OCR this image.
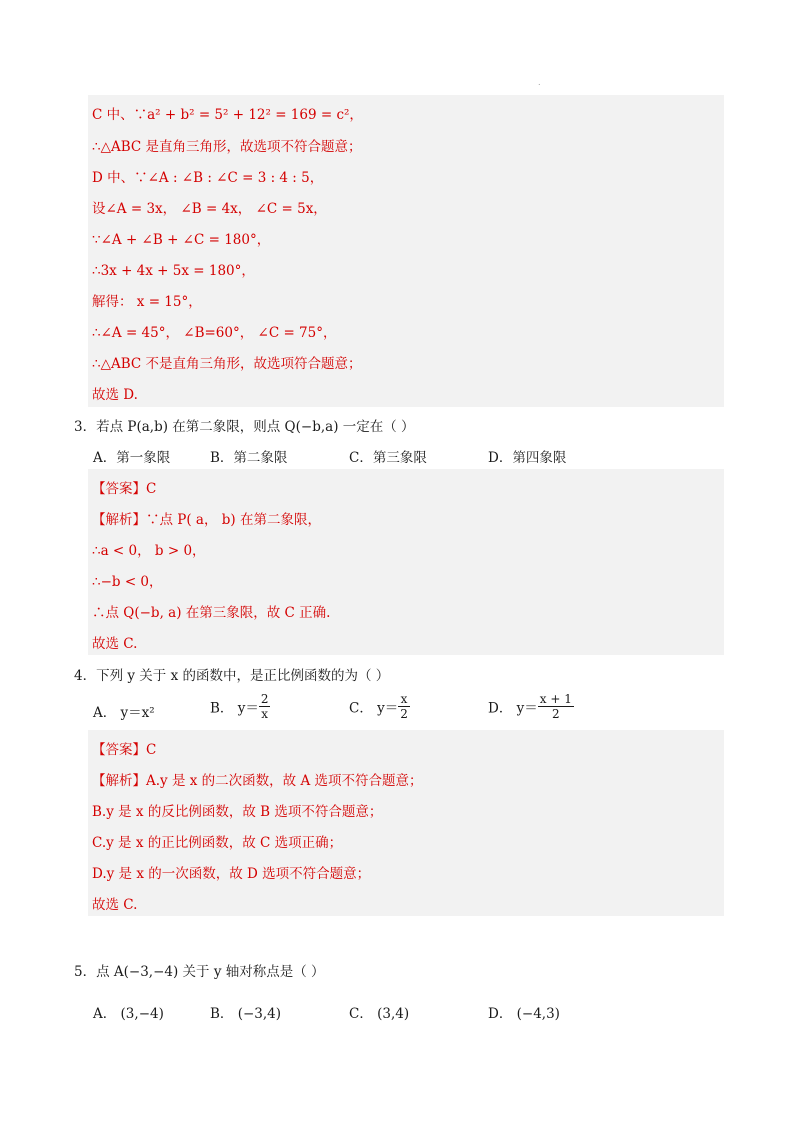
.
C 中、∵a² + b² = 5² + 12² = 169 = c²，
∴△ABC 是直角三角形，故选项不符合题意；
D 中、∵∠A : ∠B : ∠C = 3 : 4 : 5，
设∠A = 3x， ∠B = 4x， ∠C = 5x，
∵∠A + ∠B + ∠C = 180°，
∴3x + 4x + 5x = 180°，
解得： x = 15°，
∴∠A = 45°， ∠B=60°， ∠C = 75°，
∴△ABC 不是直角三角形，故选项符合题意；
故选 D.
3．若点 P(a,b) 在第二象限，则点 Q(−b,a) 一定在（ ）
A．第一象限	B．第二象限	C．第三象限	D．第四象限
【答案】C
【解析】∵点 P( a， b) 在第二象限，
∴a < 0， b > 0，
∴−b < 0，
∴点 Q(−b, a) 在第三象限，故 C 正确.
故选 C.
4．下列 y 关于 x 的函数中，是正比例函数的为（ ）
A． y＝x²	B． $y= \frac{2}{x}$	C． $y= \frac{x}{2}$	D． $y= \frac{x + 1}{2}$
【答案】C
【解析】A.y 是 x 的二次函数，故 A 选项不符合题意；
B.y 是 x 的反比例函数，故 B 选项不符合题意；
C.y 是 x 的正比例函数，故 C 选项正确；
D.y 是 x 的一次函数，故 D 选项不符合题意；
故选 C.
5．点 A(−3,−4) 关于 y 轴对称点是（ ）
A． (3,−4)	B． (−3,4)	C． (3,4)	D． (−4,3)
